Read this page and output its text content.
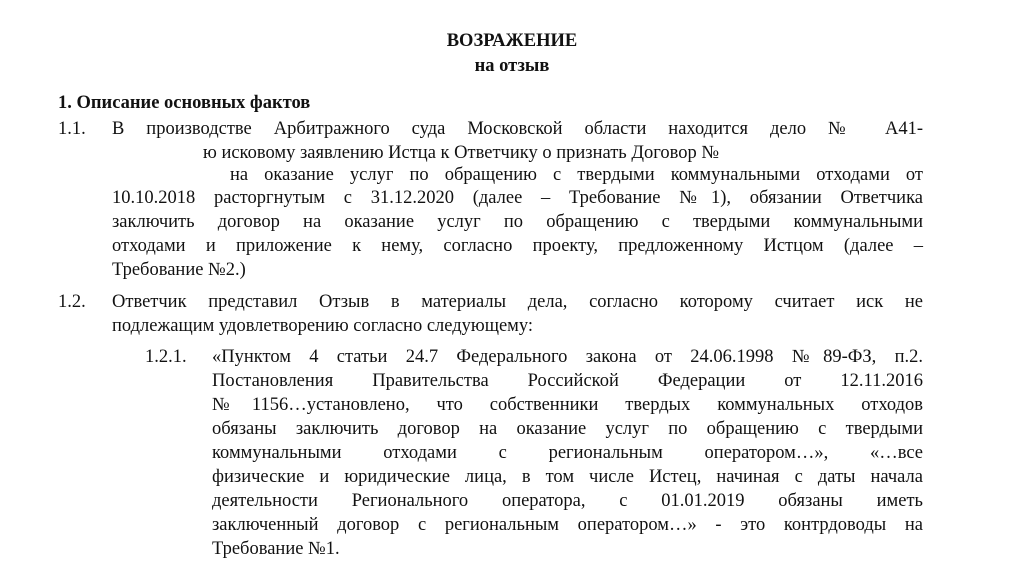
ВОЗРАЖЕНИЕ
на отзыв
1. Описание основных фактов
1.1. В производстве Арбитражного суда Московской области находится дело № А41-
ю исковому заявлению Истца к Ответчику о признать Договор №
на оказание услуг по обращению с твердыми коммунальными отходами от
10.10.2018 расторгнутым с 31.12.2020 (далее – Требование №1), обязании Ответчика
заключить договор на оказание услуг по обращению с твердыми коммунальными
отходами и приложение к нему, согласно проекту, предложенному Истцом (далее –
Требование №2.)
1.2. Ответчик представил Отзыв в материалы дела, согласно которому считает иск не
подлежащим удовлетворению согласно следующему:
1.2.1. «Пунктом 4 статьи 24.7 Федерального закона от 24.06.1998 №89-ФЗ, п.2.
Постановления Правительства Российской Федерации от 12.11.2016
№1156…установлено, что собственники твердых коммунальных отходов
обязаны заключить договор на оказание услуг по обращению с твердыми
коммунальными отходами с региональным оператором…», «…все
физические и юридические лица, в том числе Истец, начиная с даты начала
деятельности Регионального оператора, с 01.01.2019 обязаны иметь
заключенный договор с региональным оператором…» - это контрдоводы на
Требование №1.
